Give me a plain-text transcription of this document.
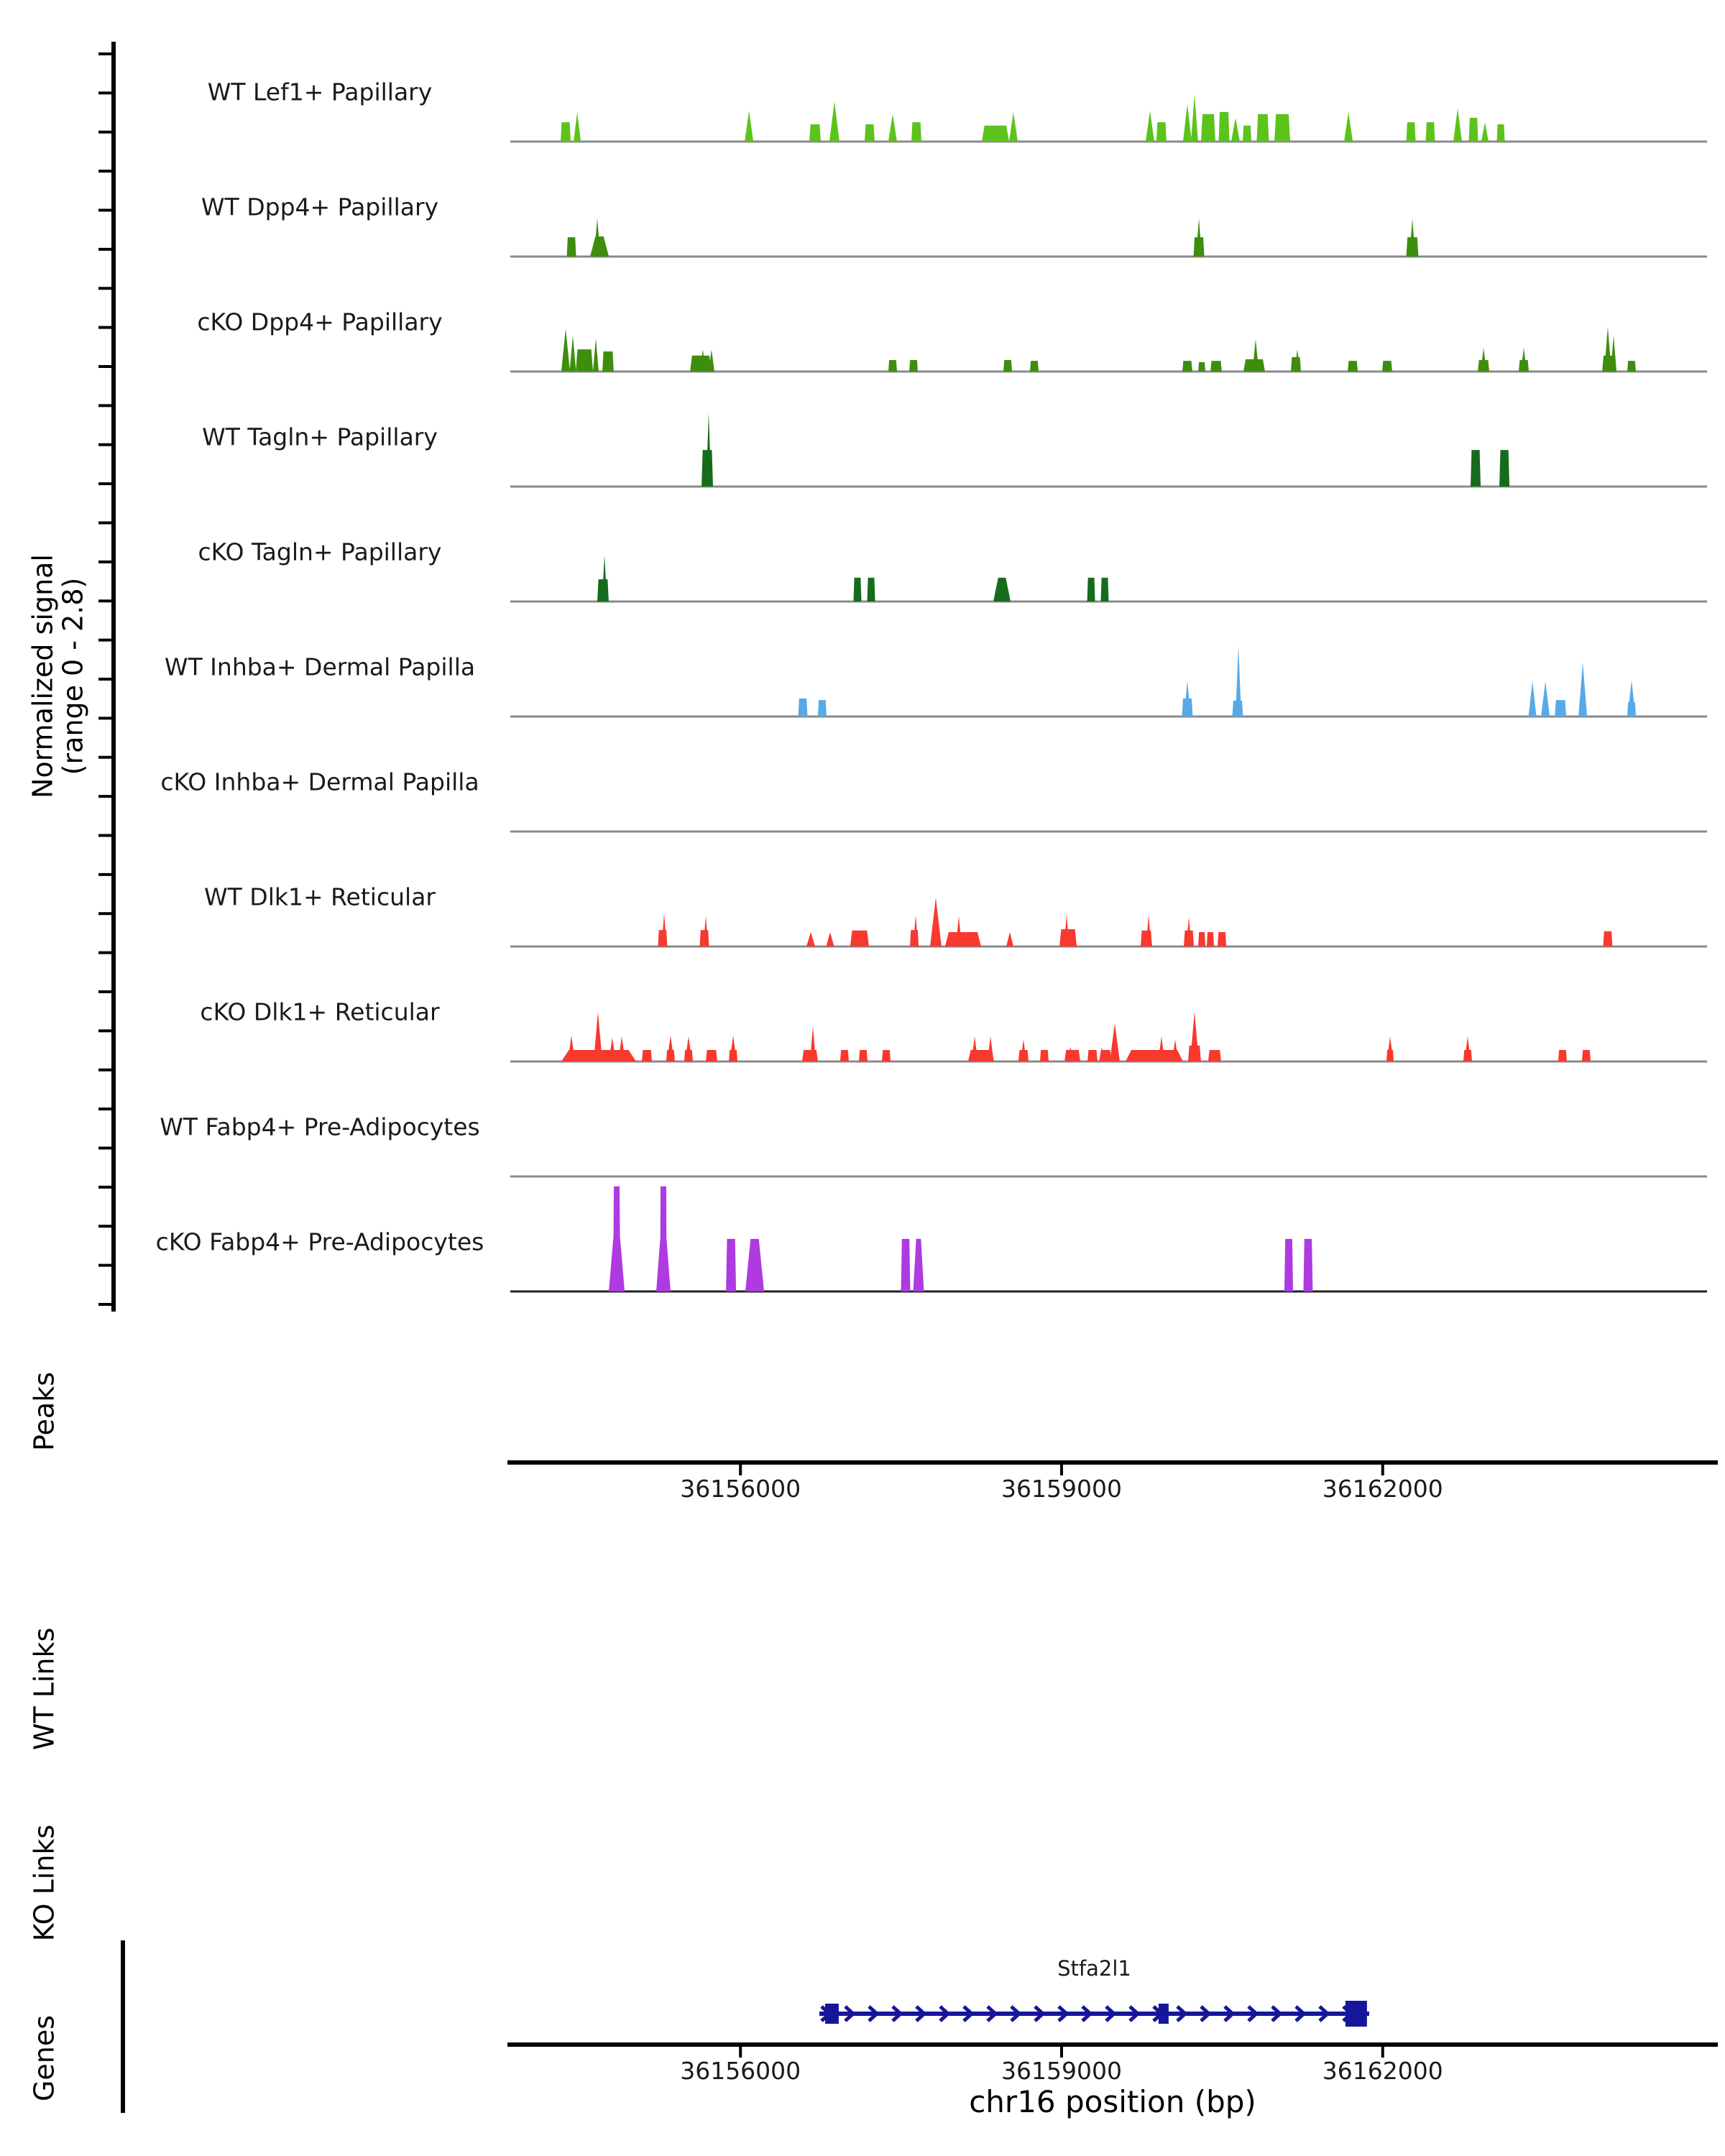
Normalized signal
(range 0 - 2.8)
Peaks
WT Links
KO Links
Genes
WT Lef1+ Papillary
WT Dpp4+ Papillary
cKO Dpp4+ Papillary
WT Tagln+ Papillary
cKO Tagln+ Papillary
WT Inhba+ Dermal Papilla
cKO Inhba+ Dermal Papilla
WT Dlk1+ Reticular
cKO Dlk1+ Reticular
WT Fabp4+ Pre-Adipocytes
cKO Fabp4+ Pre-Adipocytes
36156000	36159000	36162000
36156000	36159000	36162000
chr16 position (bp)
Stfa2l1
